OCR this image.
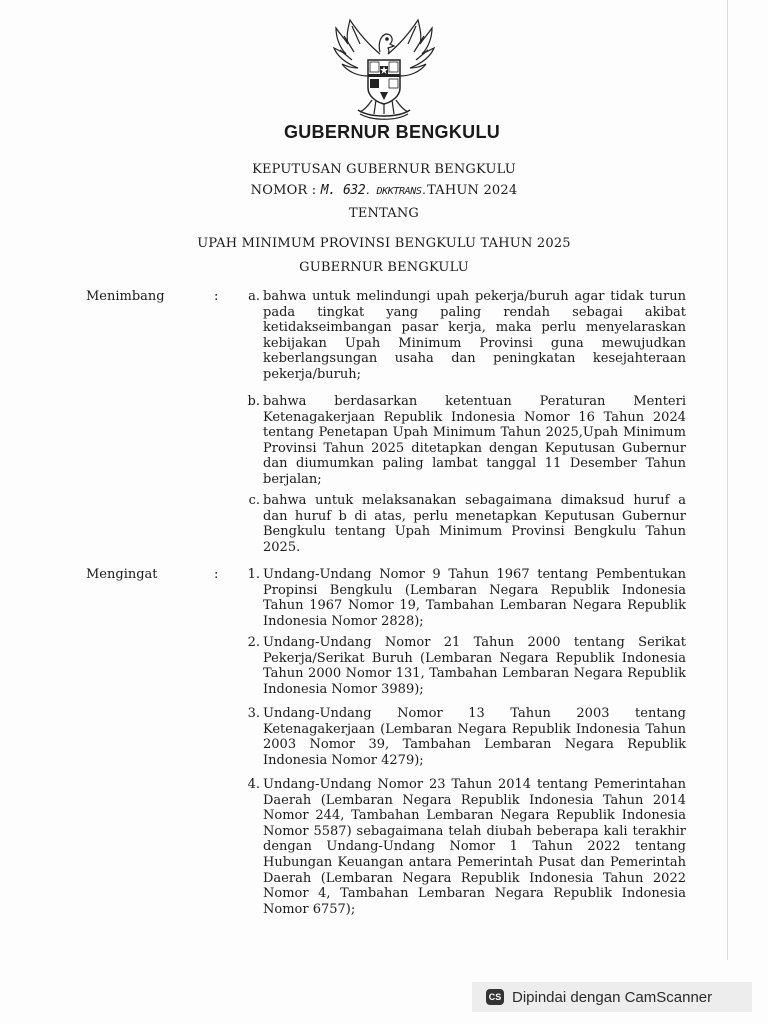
GUBERNUR BENGKULU
KEPUTUSAN GUBERNUR BENGKULU
NOMOR : M. 632. DKKTRANS.TAHUN 2024
TENTANG
UPAH MINIMUM PROVINSI BENGKULU TAHUN 2025
GUBERNUR BENGKULU
Menimbang	:	a. bahwa untuk melindungi upah pekerja/buruh agar tidak turun pada tingkat yang paling rendah sebagai akibat ketidakseimbangan pasar kerja, maka perlu menyelaraskan kebijakan Upah Minimum Provinsi guna mewujudkan keberlangsungan usaha dan peningkatan kesejahteraan pekerja/buruh;
b. bahwa berdasarkan ketentuan Peraturan Menteri Ketenagakerjaan Republik Indonesia Nomor 16 Tahun 2024 tentang Penetapan Upah Minimum Tahun 2025,Upah Minimum Provinsi Tahun 2025 ditetapkan dengan Keputusan Gubernur dan diumumkan paling lambat tanggal 11 Desember Tahun berjalan;
c. bahwa untuk melaksanakan sebagaimana dimaksud huruf a dan huruf b di atas, perlu menetapkan Keputusan Gubernur Bengkulu tentang Upah Minimum Provinsi Bengkulu Tahun 2025.
Mengingat	:	1. Undang-Undang Nomor 9 Tahun 1967 tentang Pembentukan Propinsi Bengkulu (Lembaran Negara Republik Indonesia Tahun 1967 Nomor 19, Tambahan Lembaran Negara Republik Indonesia Nomor 2828);
2. Undang-Undang Nomor 21 Tahun 2000 tentang Serikat Pekerja/Serikat Buruh (Lembaran Negara Republik Indonesia Tahun 2000 Nomor 131, Tambahan Lembaran Negara Republik Indonesia Nomor 3989);
3. Undang-Undang Nomor 13 Tahun 2003 tentang Ketenagakerjaan (Lembaran Negara Republik Indonesia Tahun 2003 Nomor 39, Tambahan Lembaran Negara Republik Indonesia Nomor 4279);
4. Undang-Undang Nomor 23 Tahun 2014 tentang Pemerintahan Daerah (Lembaran Negara Republik Indonesia Tahun 2014 Nomor 244, Tambahan Lembaran Negara Republik Indonesia Nomor 5587) sebagaimana telah diubah beberapa kali terakhir dengan Undang-Undang Nomor 1 Tahun 2022 tentang Hubungan Keuangan antara Pemerintah Pusat dan Pemerintah Daerah (Lembaran Negara Republik Indonesia Tahun 2022 Nomor 4, Tambahan Lembaran Negara Republik Indonesia Nomor 6757);
CS Dipindai dengan CamScanner
